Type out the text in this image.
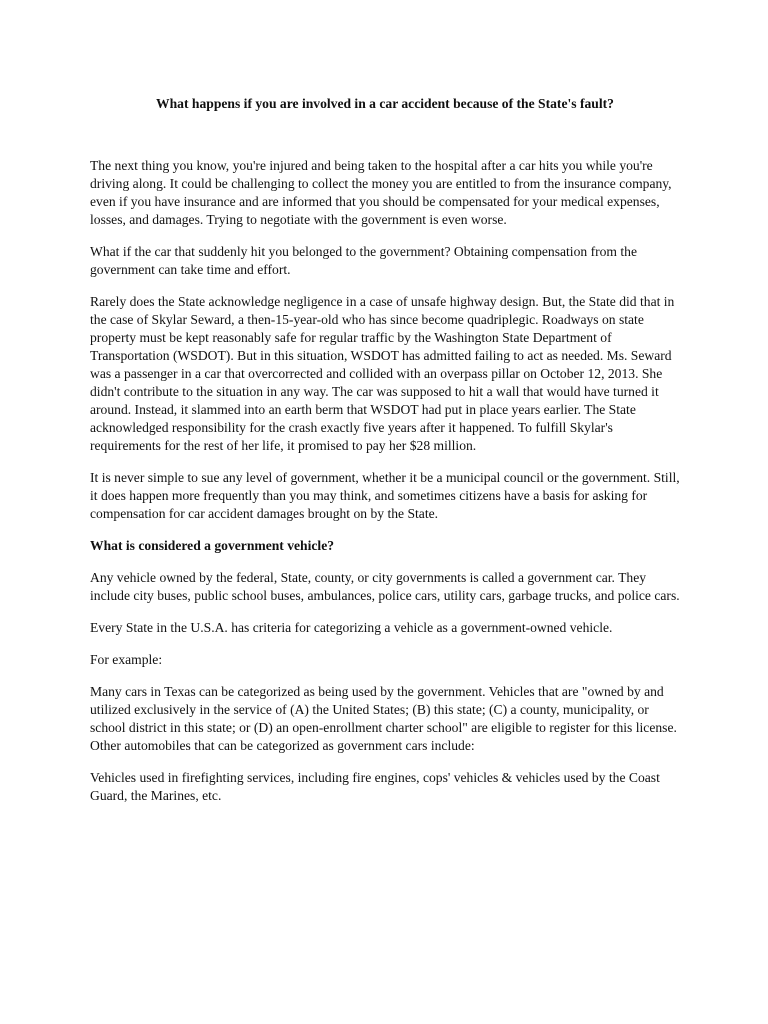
What happens if you are involved in a car accident because of the State's fault?

The next thing you know, you're injured and being taken to the hospital after a car hits you while you're driving along. It could be challenging to collect the money you are entitled to from the insurance company, even if you have insurance and are informed that you should be compensated for your medical expenses, losses, and damages. Trying to negotiate with the government is even worse.

What if the car that suddenly hit you belonged to the government? Obtaining compensation from the government can take time and effort.

Rarely does the State acknowledge negligence in a case of unsafe highway design. But, the State did that in the case of Skylar Seward, a then-15-year-old who has since become quadriplegic. Roadways on state property must be kept reasonably safe for regular traffic by the Washington State Department of Transportation (WSDOT). But in this situation, WSDOT has admitted failing to act as needed. Ms. Seward was a passenger in a car that overcorrected and collided with an overpass pillar on October 12, 2013. She didn't contribute to the situation in any way. The car was supposed to hit a wall that would have turned it around. Instead, it slammed into an earth berm that WSDOT had put in place years earlier. The State acknowledged responsibility for the crash exactly five years after it happened. To fulfill Skylar's requirements for the rest of her life, it promised to pay her $28 million.

It is never simple to sue any level of government, whether it be a municipal council or the government. Still, it does happen more frequently than you may think, and sometimes citizens have a basis for asking for compensation for car accident damages brought on by the State.

What is considered a government vehicle?

Any vehicle owned by the federal, State, county, or city governments is called a government car. They include city buses, public school buses, ambulances, police cars, utility cars, garbage trucks, and police cars.

Every State in the U.S.A. has criteria for categorizing a vehicle as a government-owned vehicle.

For example:

Many cars in Texas can be categorized as being used by the government. Vehicles that are "owned by and utilized exclusively in the service of (A) the United States; (B) this state; (C) a county, municipality, or school district in this state; or (D) an open-enrollment charter school" are eligible to register for this license. Other automobiles that can be categorized as government cars include:

Vehicles used in firefighting services, including fire engines, cops' vehicles & vehicles used by the Coast Guard, the Marines, etc.
